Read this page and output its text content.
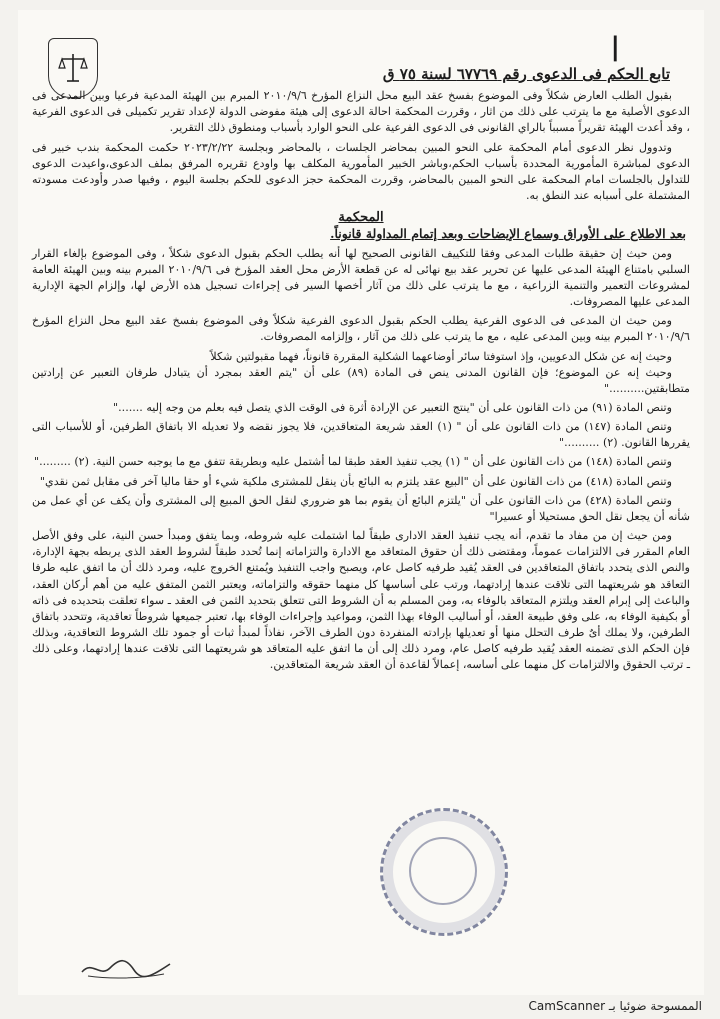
|
تابع الحكم فى الدعوى رقم ٦٧٧٦٩ لسنة ٧٥ ق

بقبول الطلب العارض شكلاً وفى الموضوع بفسخ عقد البيع محل النزاع المؤرخ ٢٠١٠/٩/٦ المبرم بين الهيئة المدعية فرعيا وبين المدعى فى الدعوى الأصلية مع ما يترتب على ذلك من اثار ، وقررت المحكمة احالة الدعوى إلى هيئة مفوضى الدولة لإعداد تقرير تكميلى فى الدعوى الفرعية ، وقد أعدت الهيئة تقريراً مسبباً بالراي القانونى فى الدعوى الفرعية على النحو الوارد بأسباب ومنطوق ذلك التقرير.

وتدوول نظر الدعوى أمام المحكمة على النحو المبين بمحاضر الجلسات ، بالمحاضر وبجلسة ٢٠٢٣/٢/٢٢ حكمت المحكمة بندب خبير فى الدعوى لمباشرة المأمورية المحددة بأسباب الحكم،وباشر الخبير المأمورية المكلف بها واودع تقريره المرفق بملف الدعوى،واعيدت الدعوى للتداول بالجلسات امام المحكمة على النحو المبين بالمحاضر، وقررت المحكمة حجز الدعوى للحكم بجلسة اليوم ، وفيها صدر وأودعت مسودته المشتملة على أسبابه عند النطق به.

المحكمة
بعد الاطلاع على الأوراق وسماع الإيضاحات وبعد إتمام المداولة قانوناً.

ومن حيث إن حقيقة طلبات المدعى وفقا للتكييف القانونى الصحيح لها أنه يطلب الحكم بقبول الدعوى شكلاً ، وفى الموضوع بإلغاء القرار السلبي بامتناع الهيئة المدعى عليها عن تحرير عقد بيع نهائى له عن قطعة الأرض محل العقد المؤرخ فى ٢٠١٠/٩/٦ المبرم بينه وبين الهيئة العامة لمشروعات التعمير والتنمية الزراعية ، مع ما يترتب على ذلك من آثار أخصها السير فى إجراءات تسجيل هذه الأرض لها، وإلزام الجهة الإدارية المدعى عليها المصروفات.

ومن حيث ان المدعى فى الدعوى الفرعية يطلب الحكم بقبول الدعوى الفرعية شكلاً وفى الموضوع بفسخ عقد البيع محل النزاع المؤرخ ٢٠١٠/٩/٦ المبرم بينه وبين المدعى عليه ، مع ما يترتب على ذلك من آثار ، وإلزامه المصروفات.

وحيث إنه عن شكل الدعويين، وإذ استوفتا سائر أوضاعهما الشكلية المقررة قانوناً، فهما مقبولتين شكلاً

وحيث إنه عن الموضوع؛ فإن القانون المدنى ينص فى المادة (٨٩) على أن "يتم العقد بمجرد أن يتبادل طرفان التعبير عن إرادتين متطابقتين.........."

وتنص المادة (٩١) من ذات القانون على أن "ينتج التعبير عن الإرادة أثرة فى الوقت الذي يتصل فيه بعلم من وجه إليه ......."

وتنص المادة (١٤٧) من ذات القانون على أن " (١) العقد شريعة المتعاقدين، فلا يجوز نقضه ولا تعديله الا باتفاق الطرفين، أو للأسباب التى يقررها القانون. (٢) .........."

وتنص المادة (١٤٨) من ذات القانون على أن " (١) يجب تنفيذ العقد طبقا لما أشتمل عليه وبطريقة تتفق مع ما يوجبه حسن النية. (٢) ........."

وتنص المادة (٤١٨) من ذات القانون على أن "البيع عقد يلتزم به البائع بأن ينقل للمشترى ملكية شيء أو حقا ماليا آخر فى مقابل ثمن نقدي"

وتنص المادة (٤٢٨) من ذات القانون على أن "يلتزم البائع أن يقوم بما هو ضروري لنقل الحق المبيع إلى المشترى وأن يكف عن أي عمل من شأنه أن يجعل نقل الحق مستحيلا أو عسيرا"

ومن حيث إن من مفاد ما تقدم، أنه يجب تنفيذ العقد الادارى طبقاً لما اشتملت عليه شروطه، وبما يتفق ومبدأ حسن النية، على وفق الأصل العام المقرر فى الالتزامات عموماً، ومقتضى ذلك أن حقوق المتعاقد مع الادارة والتزاماته إنما تُحدد طبقاً لشروط العقد الذى يربطه بجهة الإدارة، والنص الذى يتحدد باتفاق المتعاقدين فى العقد يُقيد طرفيه كاصل عام، ويصبح واجب التنفيذ ويُمتنع الخروج عليه، ومرد ذلك أن ما اتفق عليه طرفا التعاقد هو شريعتهما التى تلاقت عندها إرادتهما، ورتب على أساسها كل منهما حقوقه والتزاماته، ويعتبر الثمن المتفق عليه من أهم أركان العقد، والباعث إلى إبرام العقد ويلتزم المتعاقد بالوفاء به، ومن المسلم به أن الشروط التى تتعلق بتحديد الثمن فى العقد ـ سواء تعلقت بتحديده فى ذاته أو بكيفية الوفاء به، على وفق طبيعة العقد، أو أساليب الوفاء بهذا الثمن، ومواعيد وإجراءات الوفاء بها، تعتبر جميعها شروطاً تعاقدية، وتتحدد باتفاق الطرفين، ولا يملك أىٌ طرف التحلل منها أو تعديلها بإرادته المنفردة دون الطرف الآخر، نفاذاً لمبدأ ثبات أو جمود تلك الشروط التعاقدية، وبذلك فإن الحكم الذى تضمنه العقد يُقيد طرفيه كاصل عام، ومرد ذلك إلى أن ما اتفق عليه المتعاقد هو شريعتهما التى تلاقت عندها إرادتهما، وعلى ذلك ـ ترتب الحقوق والالتزامات كل منهما على أساسه، إعمالاً لقاعدة أن العقد شريعة المتعاقدين.

الممسوحة ضوئيا بـ CamScanner
